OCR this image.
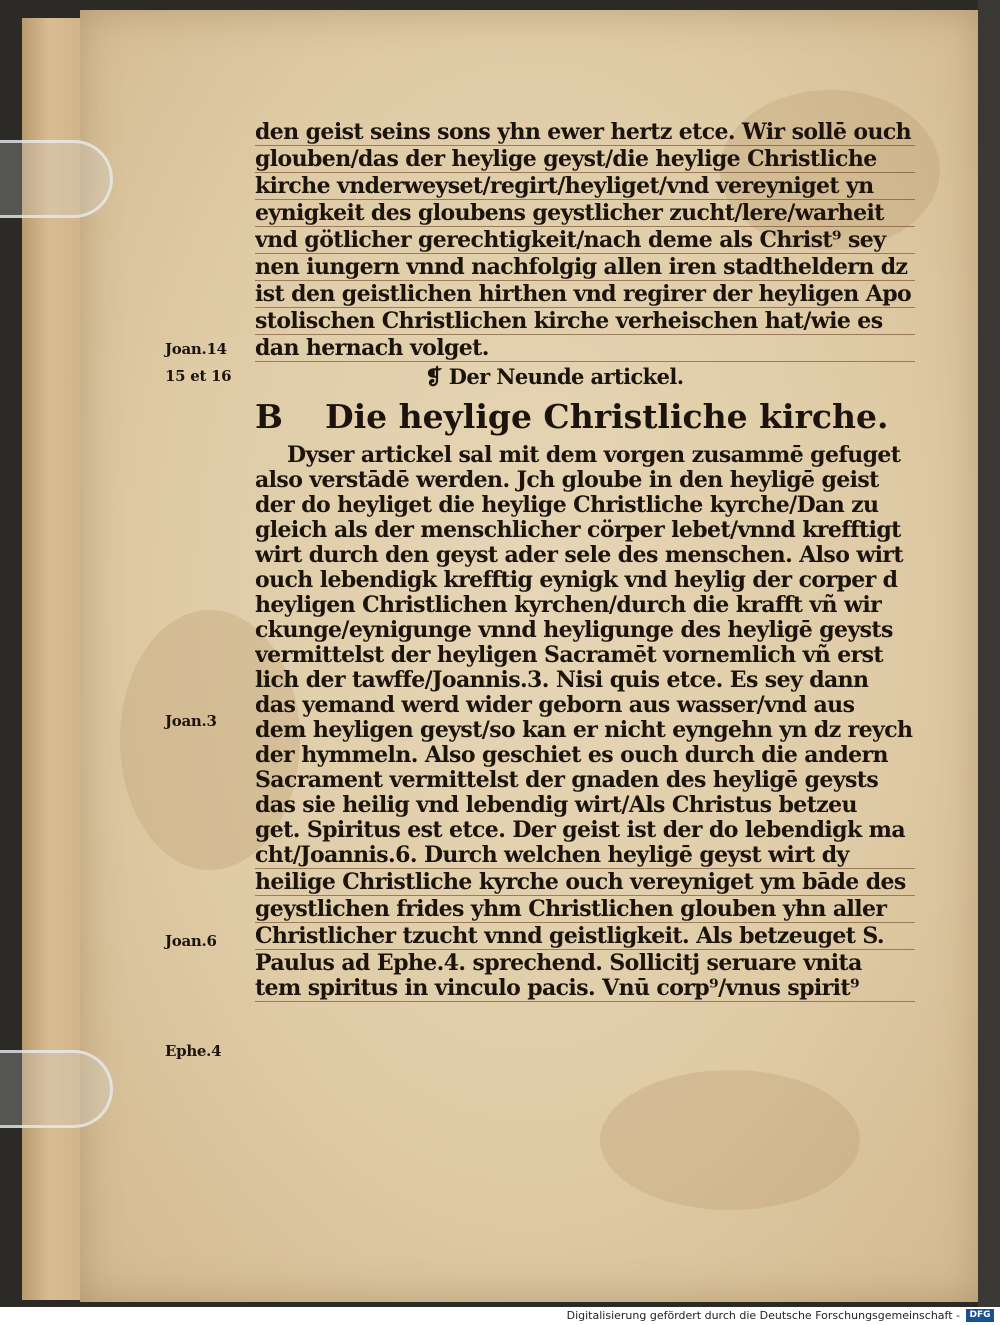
den geist seins sons yhn ewer hertz etce. Wir sollē ouch
glouben/das der heylige geyst/die heylige Christliche
kirche vnderweyset/regirt/heyliget/vnd vereyniget yn
eynigkeit des gloubens geystlicher zucht/lere/warheit
vnd götlicher gerechtigkeit/nach deme als Christ⁹ sey
nen iungern vnnd nachfolgig allen iren stadtheldern dz
ist den geistlichen hirthen vnd regirer der heyligen Apo
stolischen Christlichen kirche verheischen hat/wie es
dan hernach volget.
❡ Der Neunde artickel.
B Die heylige Christliche kirche.
Dyser artickel sal mit dem vorgen zusammē gefuget
also verstādē werden. Jch gloube in den heyligē geist
der do heyliget die heylige Christliche kyrche/Dan zu
gleich als der menschlicher cörper lebet/vnnd krefftigt
wirt durch den geyst ader sele des menschen. Also wirt
ouch lebendigk krefftig eynigk vnd heylig der corper d
heyligen Christlichen kyrchen/durch die krafft vñ wir
ckunge/eynigunge vnnd heyligunge des heyligē geysts
vermittelst der heyligen Sacramēt vornemlich vñ erst
lich der tawffe/Joannis.3. Nisi quis etce. Es sey dann
das yemand werd wider geborn aus wasser/vnd aus
dem heyligen geyst/so kan er nicht eyngehn yn dz reych
der hymmeln. Also geschiet es ouch durch die andern
Sacrament vermittelst der gnaden des heyligē geysts
das sie heilig vnd lebendig wirt/Als Christus betzeu
get. Spiritus est etce. Der geist ist der do lebendigk ma
cht/Joannis.6. Durch welchen heyligē geyst wirt dy
heilige Christliche kyrche ouch vereyniget ym bāde des
geystlichen frides yhm Christlichen glouben yhn aller
Christlicher tzucht vnnd geistligkeit. Als betzeuget S.
Paulus ad Ephe.4. sprechend. Sollicitj seruare vnita
tem spiritus in vinculo pacis. Vnū corp⁹/vnus spirit⁹
Joan.14
15 et 16
Joan.3
Joan.6
Ephe.4
Digitalisierung gefördert durch die Deutsche Forschungsgemeinschaft -	DFG
